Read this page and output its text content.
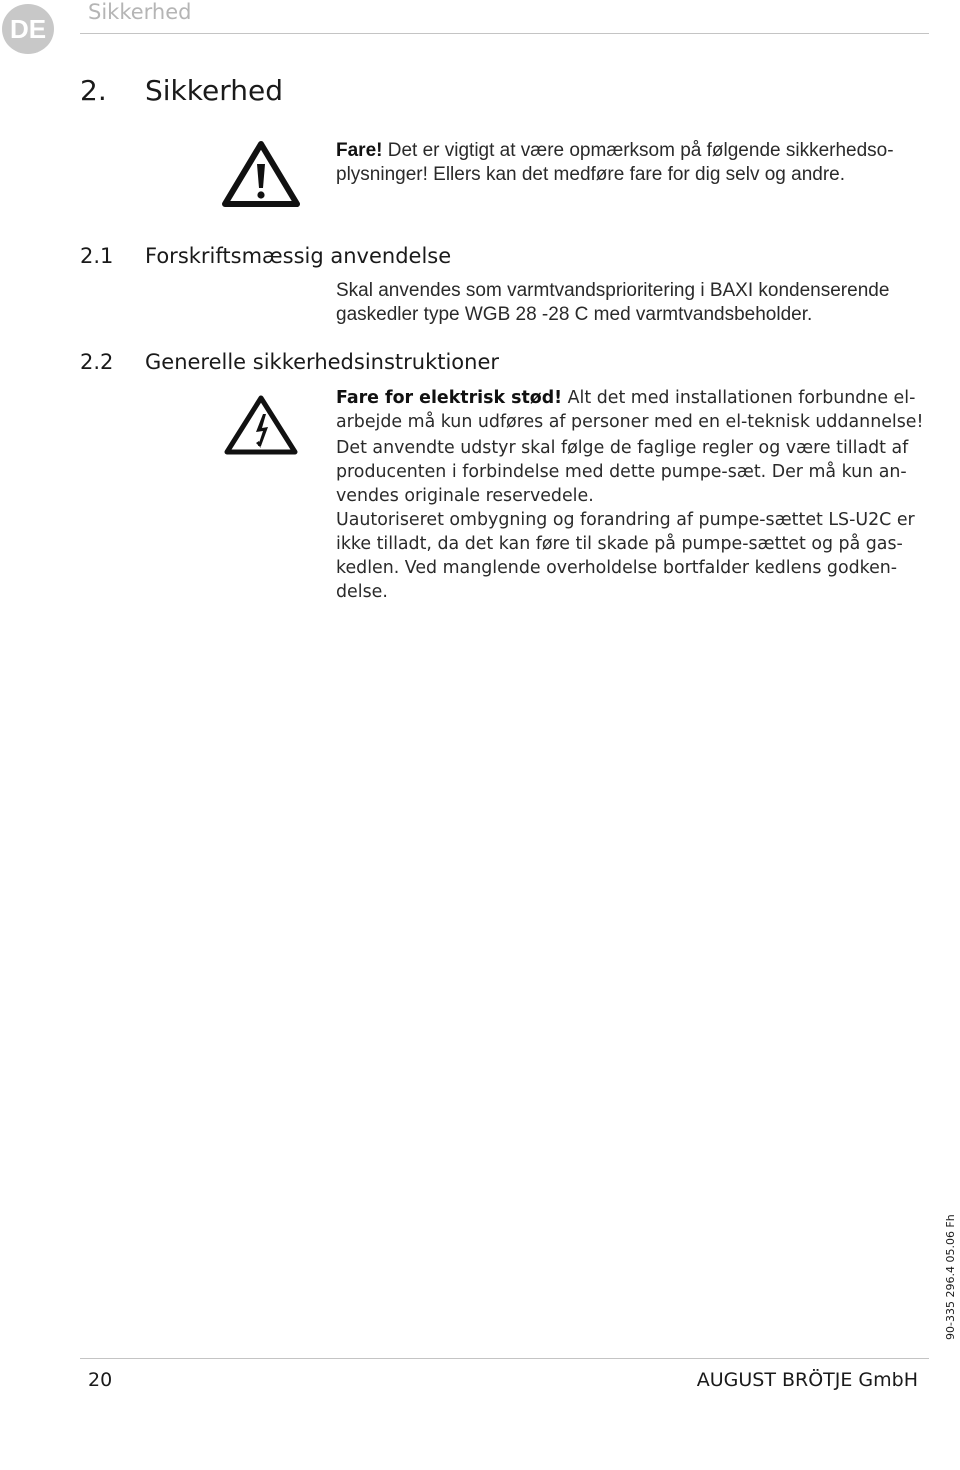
DE
Sikkerhed
2. Sikkerhed

Fare! Det er vigtigt at være opmærksom på følgende sikkerhedso-

plysninger! Ellers kan det medføre fare for dig selv og andre.

2.1 Forskriftsmæssig anvendelse

Skal anvendes som varmtvandsprioritering i BAXI kondenserende

gaskedler type WGB 28 -28 C med varmtvandsbeholder.

2.2 Generelle sikkerhedsinstruktioner

Fare for elektrisk stød! Alt det med installationen forbundne el-

arbejde må kun udføres af personer med en el-teknisk uddannelse!

Det anvendte udstyr skal følge de faglige regler og være tilladt af

producenten i forbindelse med dette pumpe-sæt. Der må kun an-

vendes originale reservedele.

Uautoriseret ombygning og forandring af pumpe-sættet LS-U2C er

ikke tilladt, da det kan føre til skade på pumpe-sættet og på gas-

kedlen. Ved manglende overholdelse bortfalder kedlens godken-

delse.

90-335 296.4 05.06 Fh
20	AUGUST BRÖTJE GmbH
